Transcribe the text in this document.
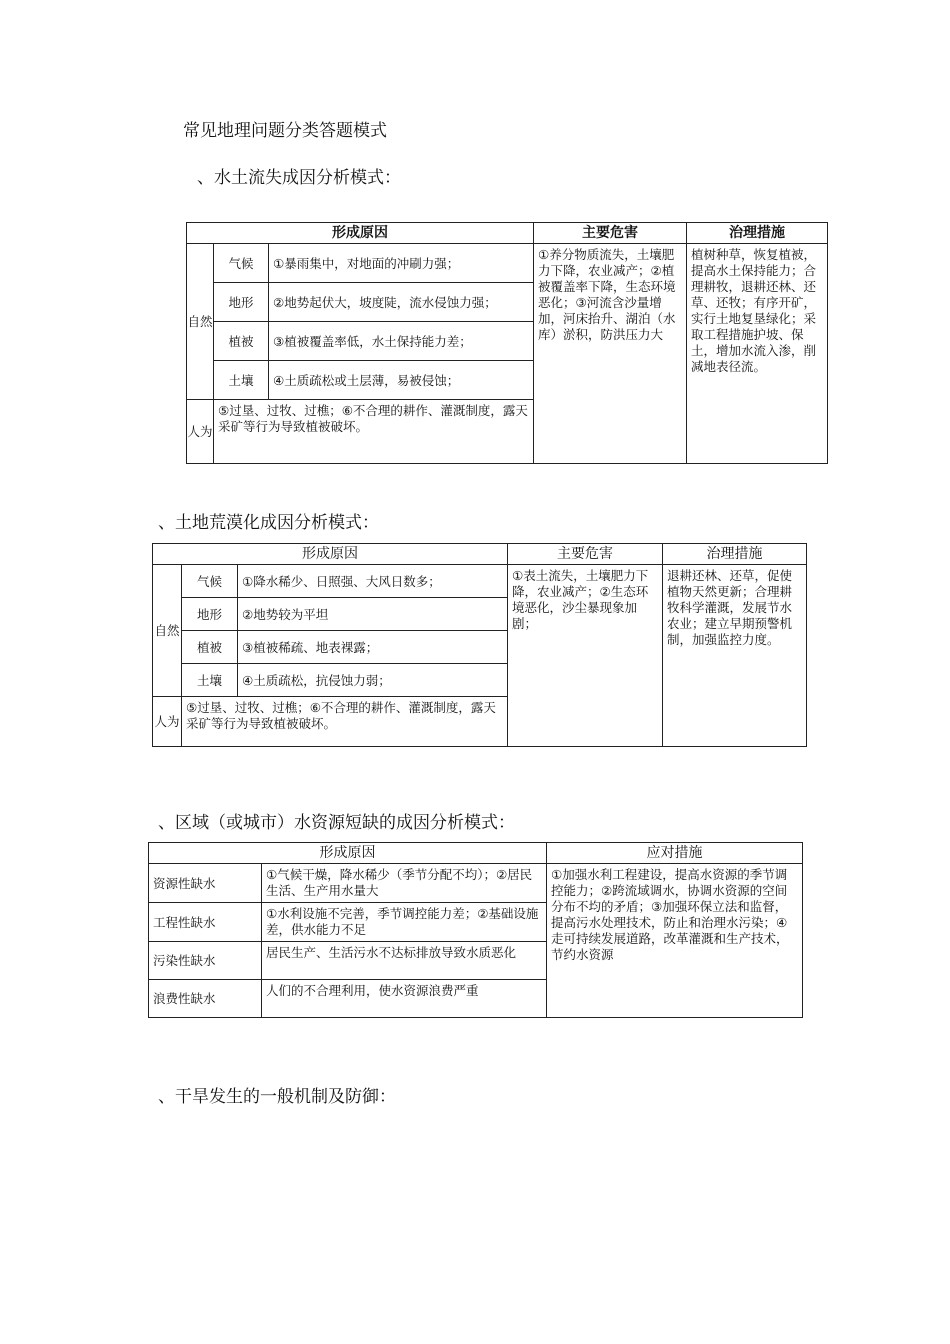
常见地理问题分类答题模式
、水土流失成因分析模式：
形成原因			主要危害	治理措施
自然	气候	①暴雨集中，对地面的冲刷力强；	①养分物质流失，土壤肥力下降，农业减产；②植被覆盖率下降，生态环境恶化；③河流含沙量增加，河床抬升、湖泊（水库）淤积，防洪压力大	植树种草，恢复植被，提高水土保持能力；合理耕牧，退耕还林、还草、还牧；有序开矿，实行土地复垦绿化；采取工程措施护坡、保土，增加水流入渗，削减地表径流。
	地形	②地势起伏大，坡度陡，流水侵蚀力强；		
	植被	③植被覆盖率低，水土保持能力差；		
	土壤	④土质疏松或土层薄，易被侵蚀；		
人为	⑤过垦、过牧、过樵；⑥不合理的耕作、灌溉制度，露天采矿等行为导致植被破坏。			
、土地荒漠化成因分析模式：
形成原因			主要危害	治理措施
自然	气候	①降水稀少、日照强、大风日数多；	①表土流失，土壤肥力下降，农业减产；②生态环境恶化，沙尘暴现象加剧；	退耕还林、还草，促使植物天然更新；合理耕牧科学灌溉，发展节水农业；建立早期预警机制，加强监控力度。
	地形	②地势较为平坦		
	植被	③植被稀疏、地表裸露；		
	土壤	④土质疏松，抗侵蚀力弱；		
人为	⑤过垦、过牧、过樵；⑥不合理的耕作、灌溉制度，露天采矿等行为导致植被破坏。			
、区域（或城市）水资源短缺的成因分析模式：
形成原因		应对措施
资源性缺水	①气候干燥，降水稀少（季节分配不均）；②居民生活、生产用水量大	①加强水利工程建设，提高水资源的季节调控能力；②跨流域调水，协调水资源的空间分布不均的矛盾；③加强环保立法和监督，提高污水处理技术，防止和治理水污染；④走可持续发展道路，改革灌溉和生产技术，节约水资源
工程性缺水	①水利设施不完善，季节调控能力差；②基础设施差，供水能力不足	
污染性缺水	居民生产、生活污水不达标排放导致水质恶化	
浪费性缺水	人们的不合理利用，使水资源浪费严重	
、干旱发生的一般机制及防御：
